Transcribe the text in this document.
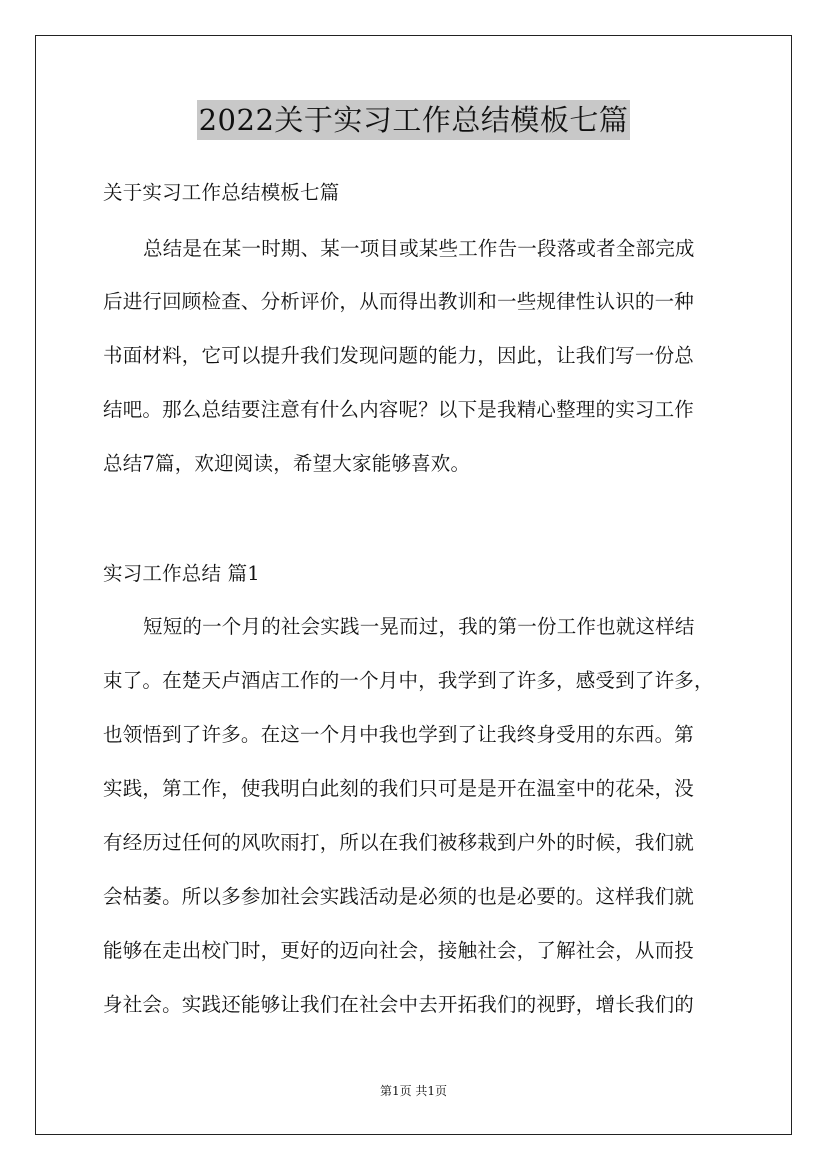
2022关于实习工作总结模板七篇
关于实习工作总结模板七篇
总结是在某一时期、某一项目或某些工作告一段落或者全部完成
后进行回顾检查、分析评价，从而得出教训和一些规律性认识的一种
书面材料，它可以提升我们发现问题的能力，因此，让我们写一份总
结吧。那么总结要注意有什么内容呢？以下是我精心整理的实习工作
总结7篇，欢迎阅读，希望大家能够喜欢。
实习工作总结 篇1
短短的一个月的社会实践一晃而过，我的第一份工作也就这样结
束了。在楚天卢酒店工作的一个月中，我学到了许多，感受到了许多，
也领悟到了许多。在这一个月中我也学到了让我终身受用的东西。第
实践，第工作，使我明白此刻的我们只可是是开在温室中的花朵，没
有经历过任何的风吹雨打，所以在我们被移栽到户外的时候，我们就
会枯萎。所以多参加社会实践活动是必须的也是必要的。这样我们就
能够在走出校门时，更好的迈向社会，接触社会，了解社会，从而投
身社会。实践还能够让我们在社会中去开拓我们的视野，增长我们的
第1页 共1页
